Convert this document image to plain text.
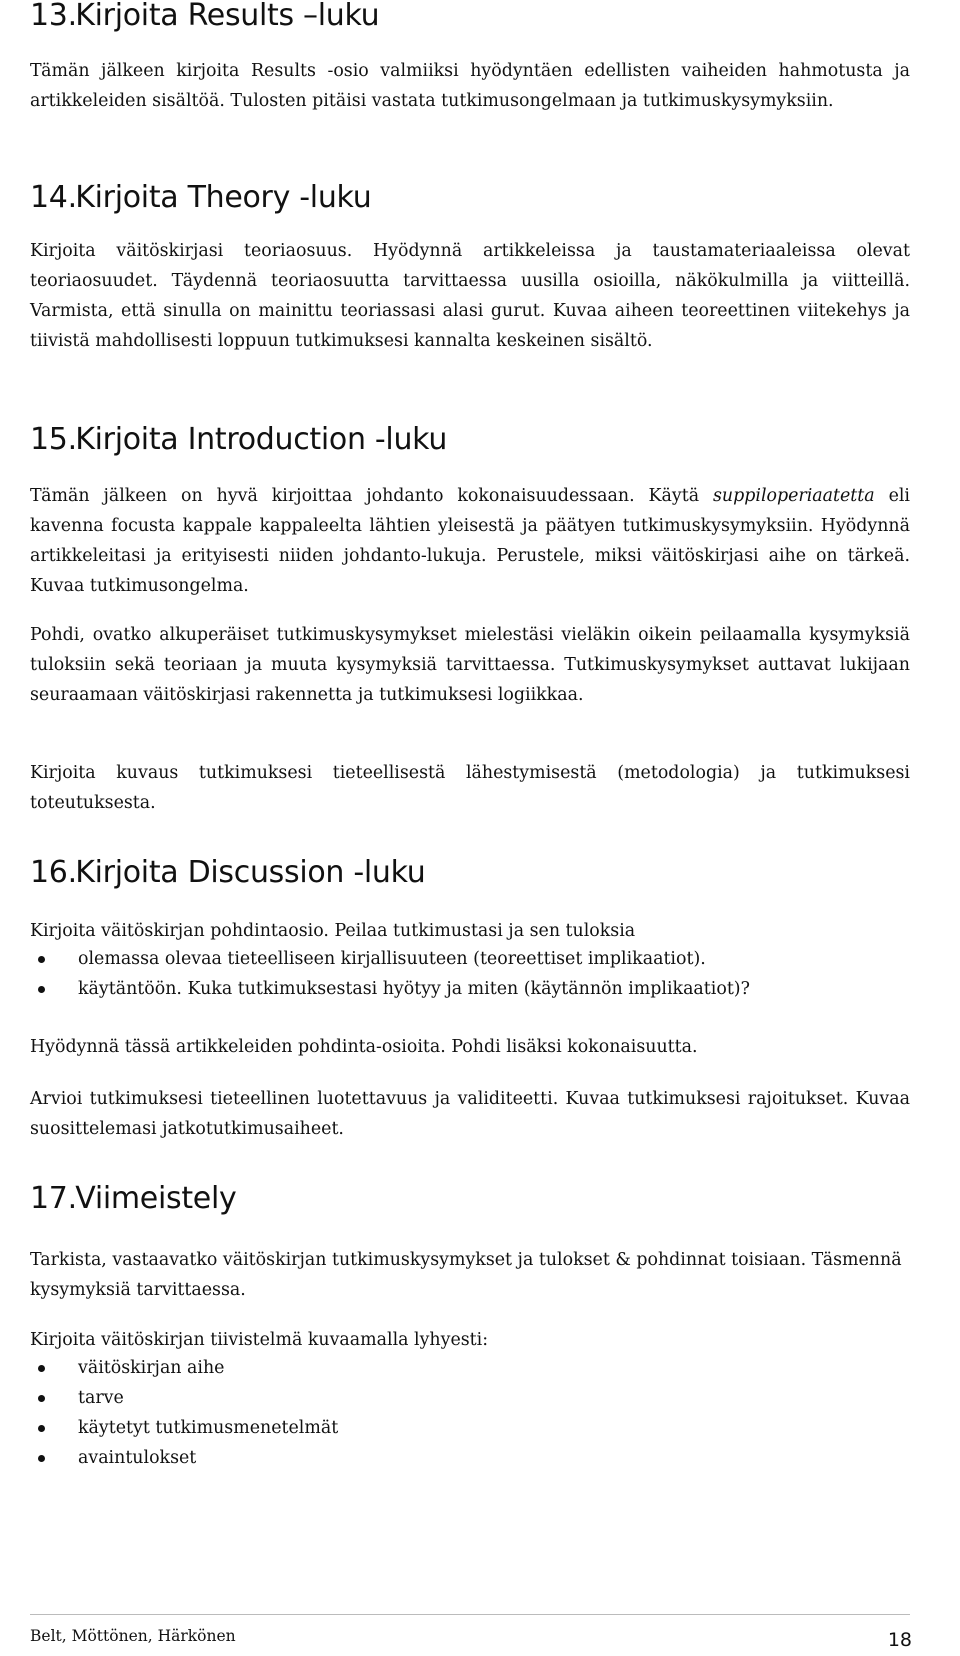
13. Kirjoita Results –luku

Tämän jälkeen kirjoita Results -osio valmiiksi hyödyntäen edellisten vaiheiden hahmotusta ja artikkeleiden sisältöä. Tulosten pitäisi vastata tutkimusongelmaan ja tutkimuskysymyksiin.

14. Kirjoita Theory -luku

Kirjoita väitöskirjasi teoriaosuus. Hyödynnä artikkeleissa ja taustamateriaaleissa olevat teoriaosuudet. Täydennä teoriaosuutta tarvittaessa uusilla osioilla, näkökulmilla ja viitteillä. Varmista, että sinulla on mainittu teoriassasi alasi gurut. Kuvaa aiheen teoreettinen viitekehys ja tiivistä mahdollisesti loppuun tutkimuksesi kannalta keskeinen sisältö.

15. Kirjoita Introduction -luku

Tämän jälkeen on hyvä kirjoittaa johdanto kokonaisuudessaan. Käytä suppiloperiaatetta eli kavenna focusta kappale kappaleelta lähtien yleisestä ja päätyen tutkimuskysymyksiin. Hyödynnä artikkeleitasi ja erityisesti niiden johdanto-lukuja. Perustele, miksi väitöskirjasi aihe on tärkeä. Kuvaa tutkimusongelma.

Pohdi, ovatko alkuperäiset tutkimuskysymykset mielestäsi vieläkin oikein peilaamalla kysymyksiä tuloksiin sekä teoriaan ja muuta kysymyksiä tarvittaessa. Tutkimuskysymykset auttavat lukijaan seuraamaan väitöskirjasi rakennetta ja tutkimuksesi logiikkaa.

Kirjoita kuvaus tutkimuksesi tieteellisestä lähestymisestä (metodologia) ja tutkimuksesi toteutuksesta.

16. Kirjoita Discussion -luku

Kirjoita väitöskirjan pohdintaosio. Peilaa tutkimustasi ja sen tuloksia

olemassa olevaa tieteelliseen kirjallisuuteen (teoreettiset implikaatiot).
käytäntöön. Kuka tutkimuksestasi hyötyy ja miten (käytännön implikaatiot)?

Hyödynnä tässä artikkeleiden pohdinta-osioita. Pohdi lisäksi kokonaisuutta.

Arvioi tutkimuksesi tieteellinen luotettavuus ja validiteetti. Kuvaa tutkimuksesi rajoitukset. Kuvaa suosittelemasi jatkotutkimusaiheet.

17. Viimeistely

Tarkista, vastaavatko väitöskirjan tutkimuskysymykset ja tulokset & pohdinnat toisiaan. Täsmennä kysymyksiä tarvittaessa.

Kirjoita väitöskirjan tiivistelmä kuvaamalla lyhyesti:

väitöskirjan aihe
tarve
käytetyt tutkimusmenetelmät
avaintulokset
Belt, Möttönen, Härkönen	18
